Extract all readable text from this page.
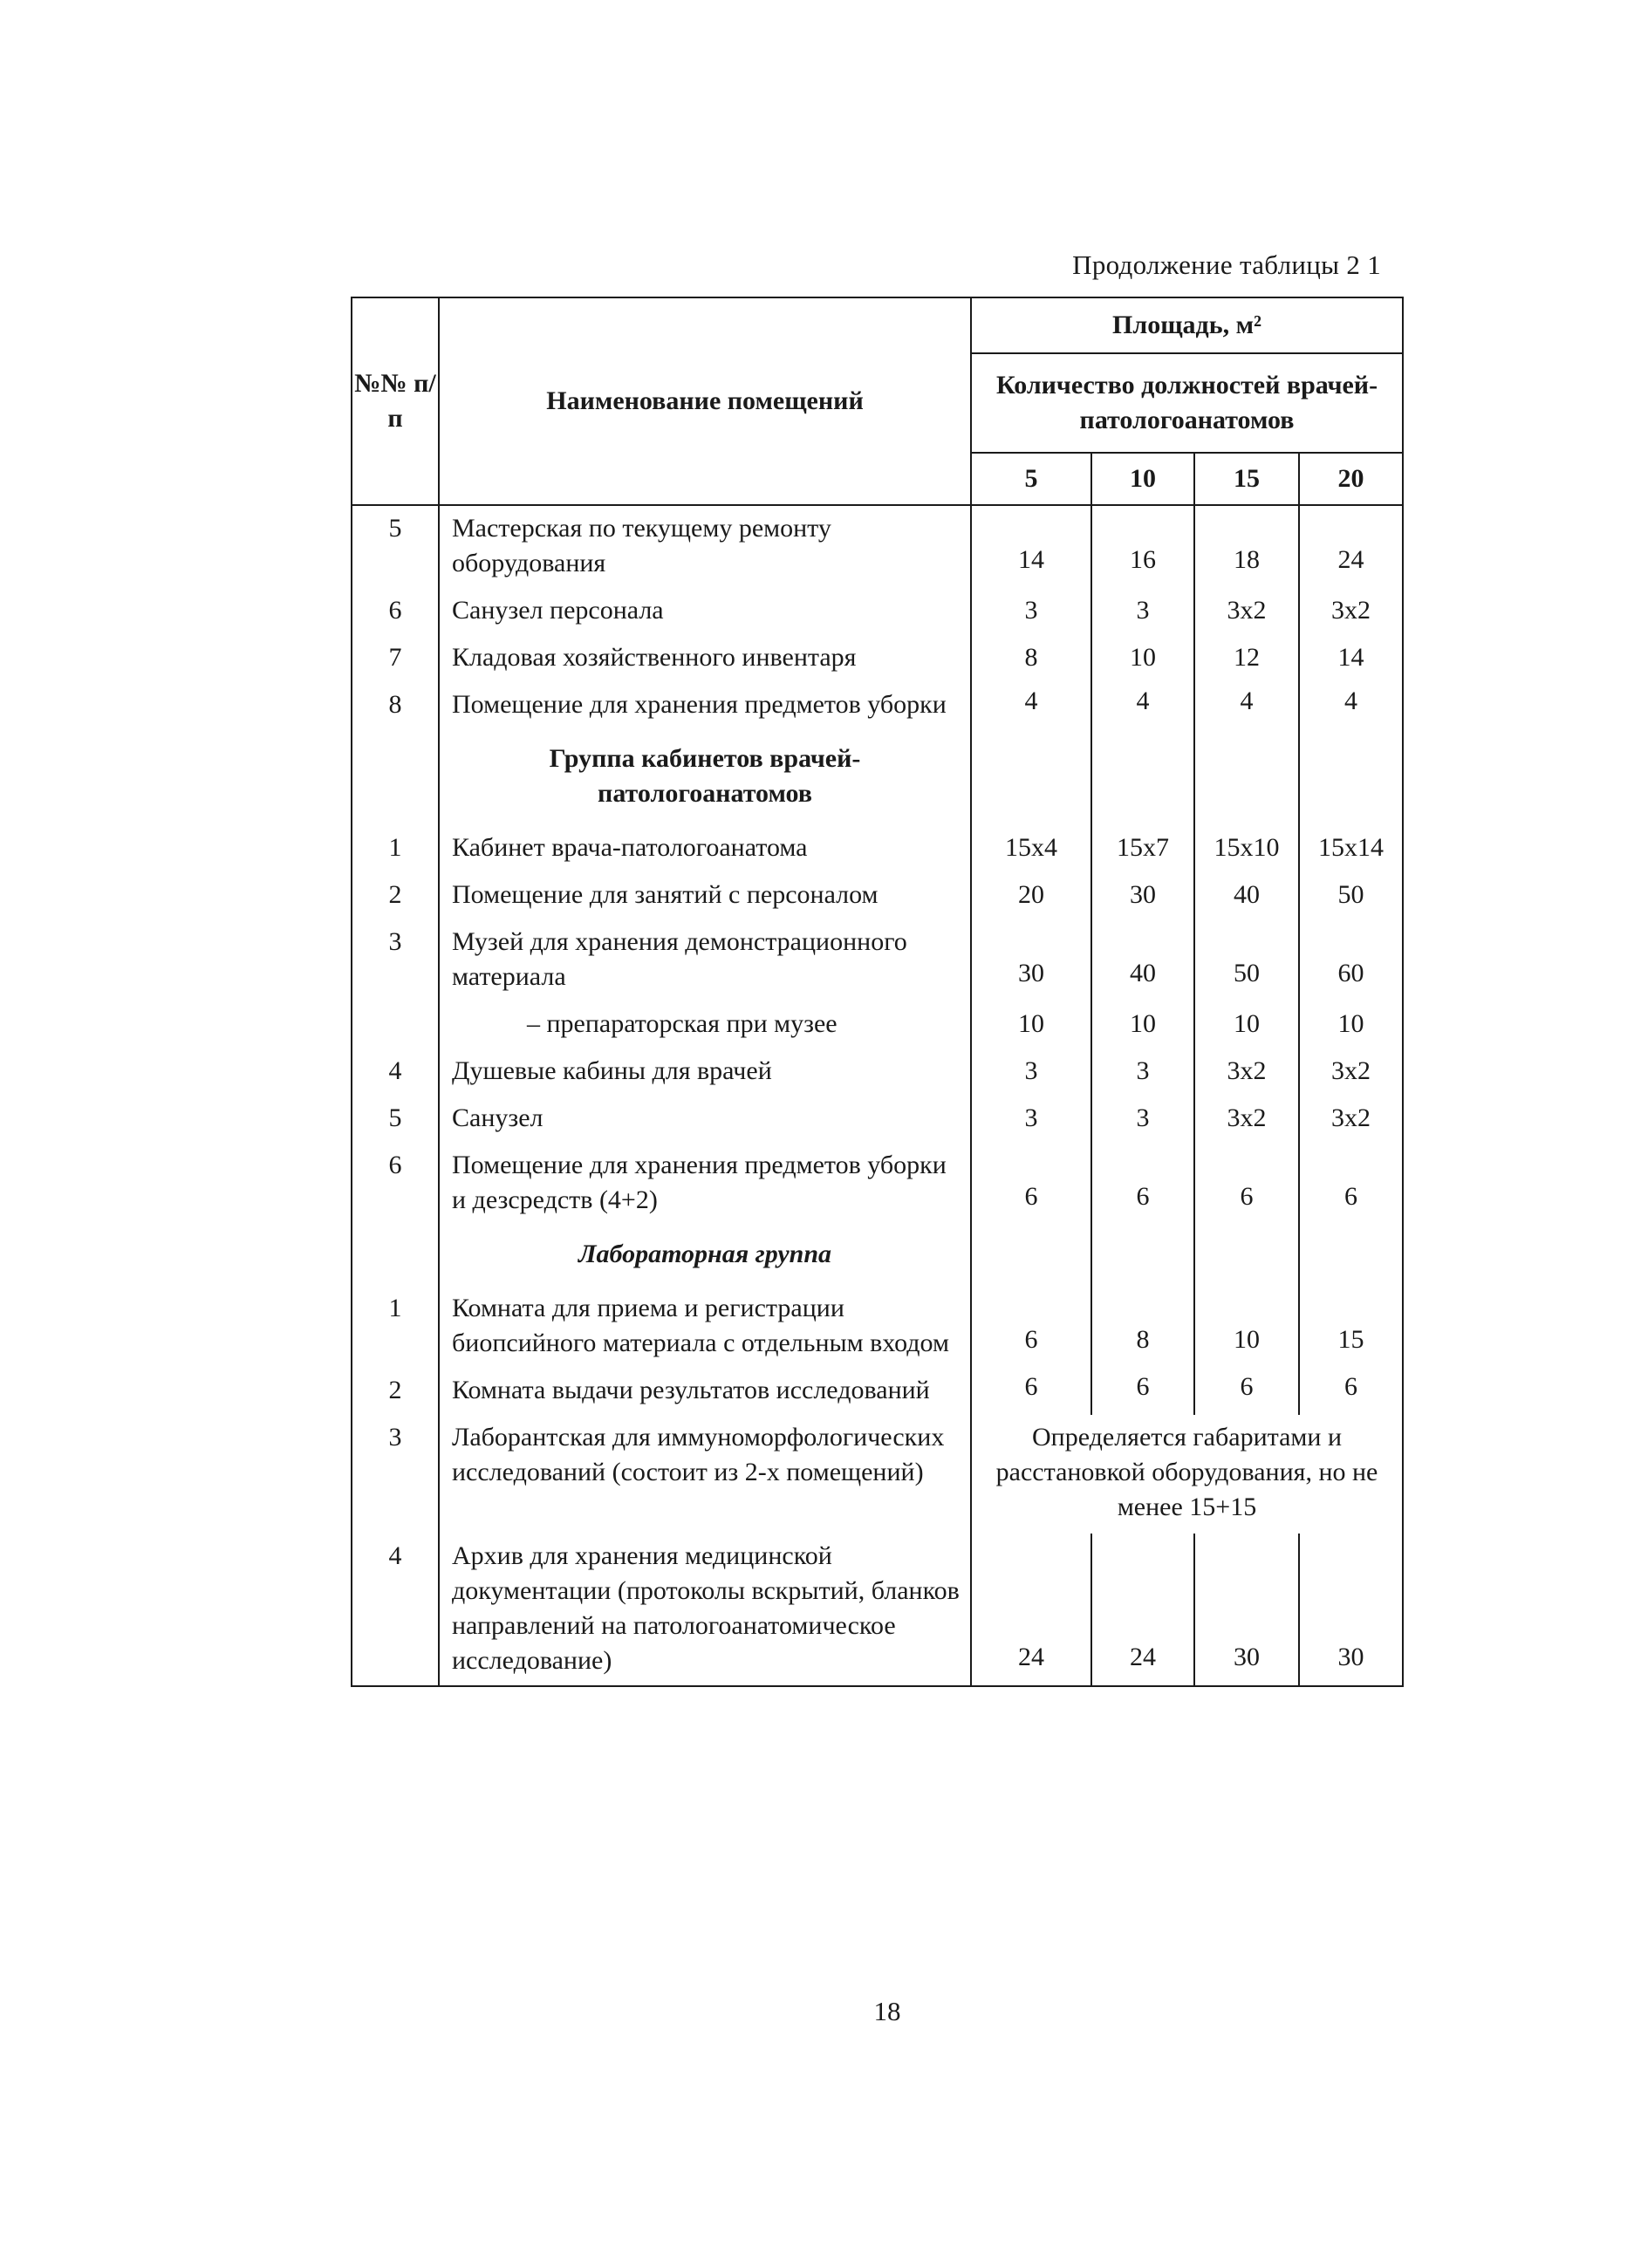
Продолжение таблицы 2 1
№№ п/п	Наименование помещений	Площадь, м²			
		Количество должностей врачей-патологоанатомов			
		5	10	15	20
5	Мастерская по текущему ремонту оборудования	14	16	18	24
6	Санузел персонала	3	3	3x2	3x2
7	Кладовая хозяйственного инвентаря	8	10	12	14
8	Помещение для хранения предметов уборки	4	4	4	4
	Группа кабинетов врачей-патологоанатомов				
1	Кабинет врача-патологоанатома	15x4	15x7	15x10	15x14
2	Помещение для занятий с персоналом	20	30	40	50
3	Музей для хранения демонстрационного материала	30	40	50	60
	– препараторская при музее	10	10	10	10
4	Душевые кабины для врачей	3	3	3x2	3x2
5	Санузел	3	3	3x2	3x2
6	Помещение для хранения предметов уборки и дезсредств (4+2)	6	6	6	6
	Лабораторная группа				
1	Комната для приема и регистрации биопсийного материала с отдельным входом	6	8	10	15
2	Комната выдачи результатов исследований	6	6	6	6
3	Лаборантская для иммуноморфологических исследований (состоит из 2-х помещений)	Определяется габаритами и расстановкой оборудования, но не менее 15+15			
4	Архив для хранения медицинской документации (протоколы вскрытий, бланков направлений на патологоанатомическое исследование)	24	24	30	30
18
